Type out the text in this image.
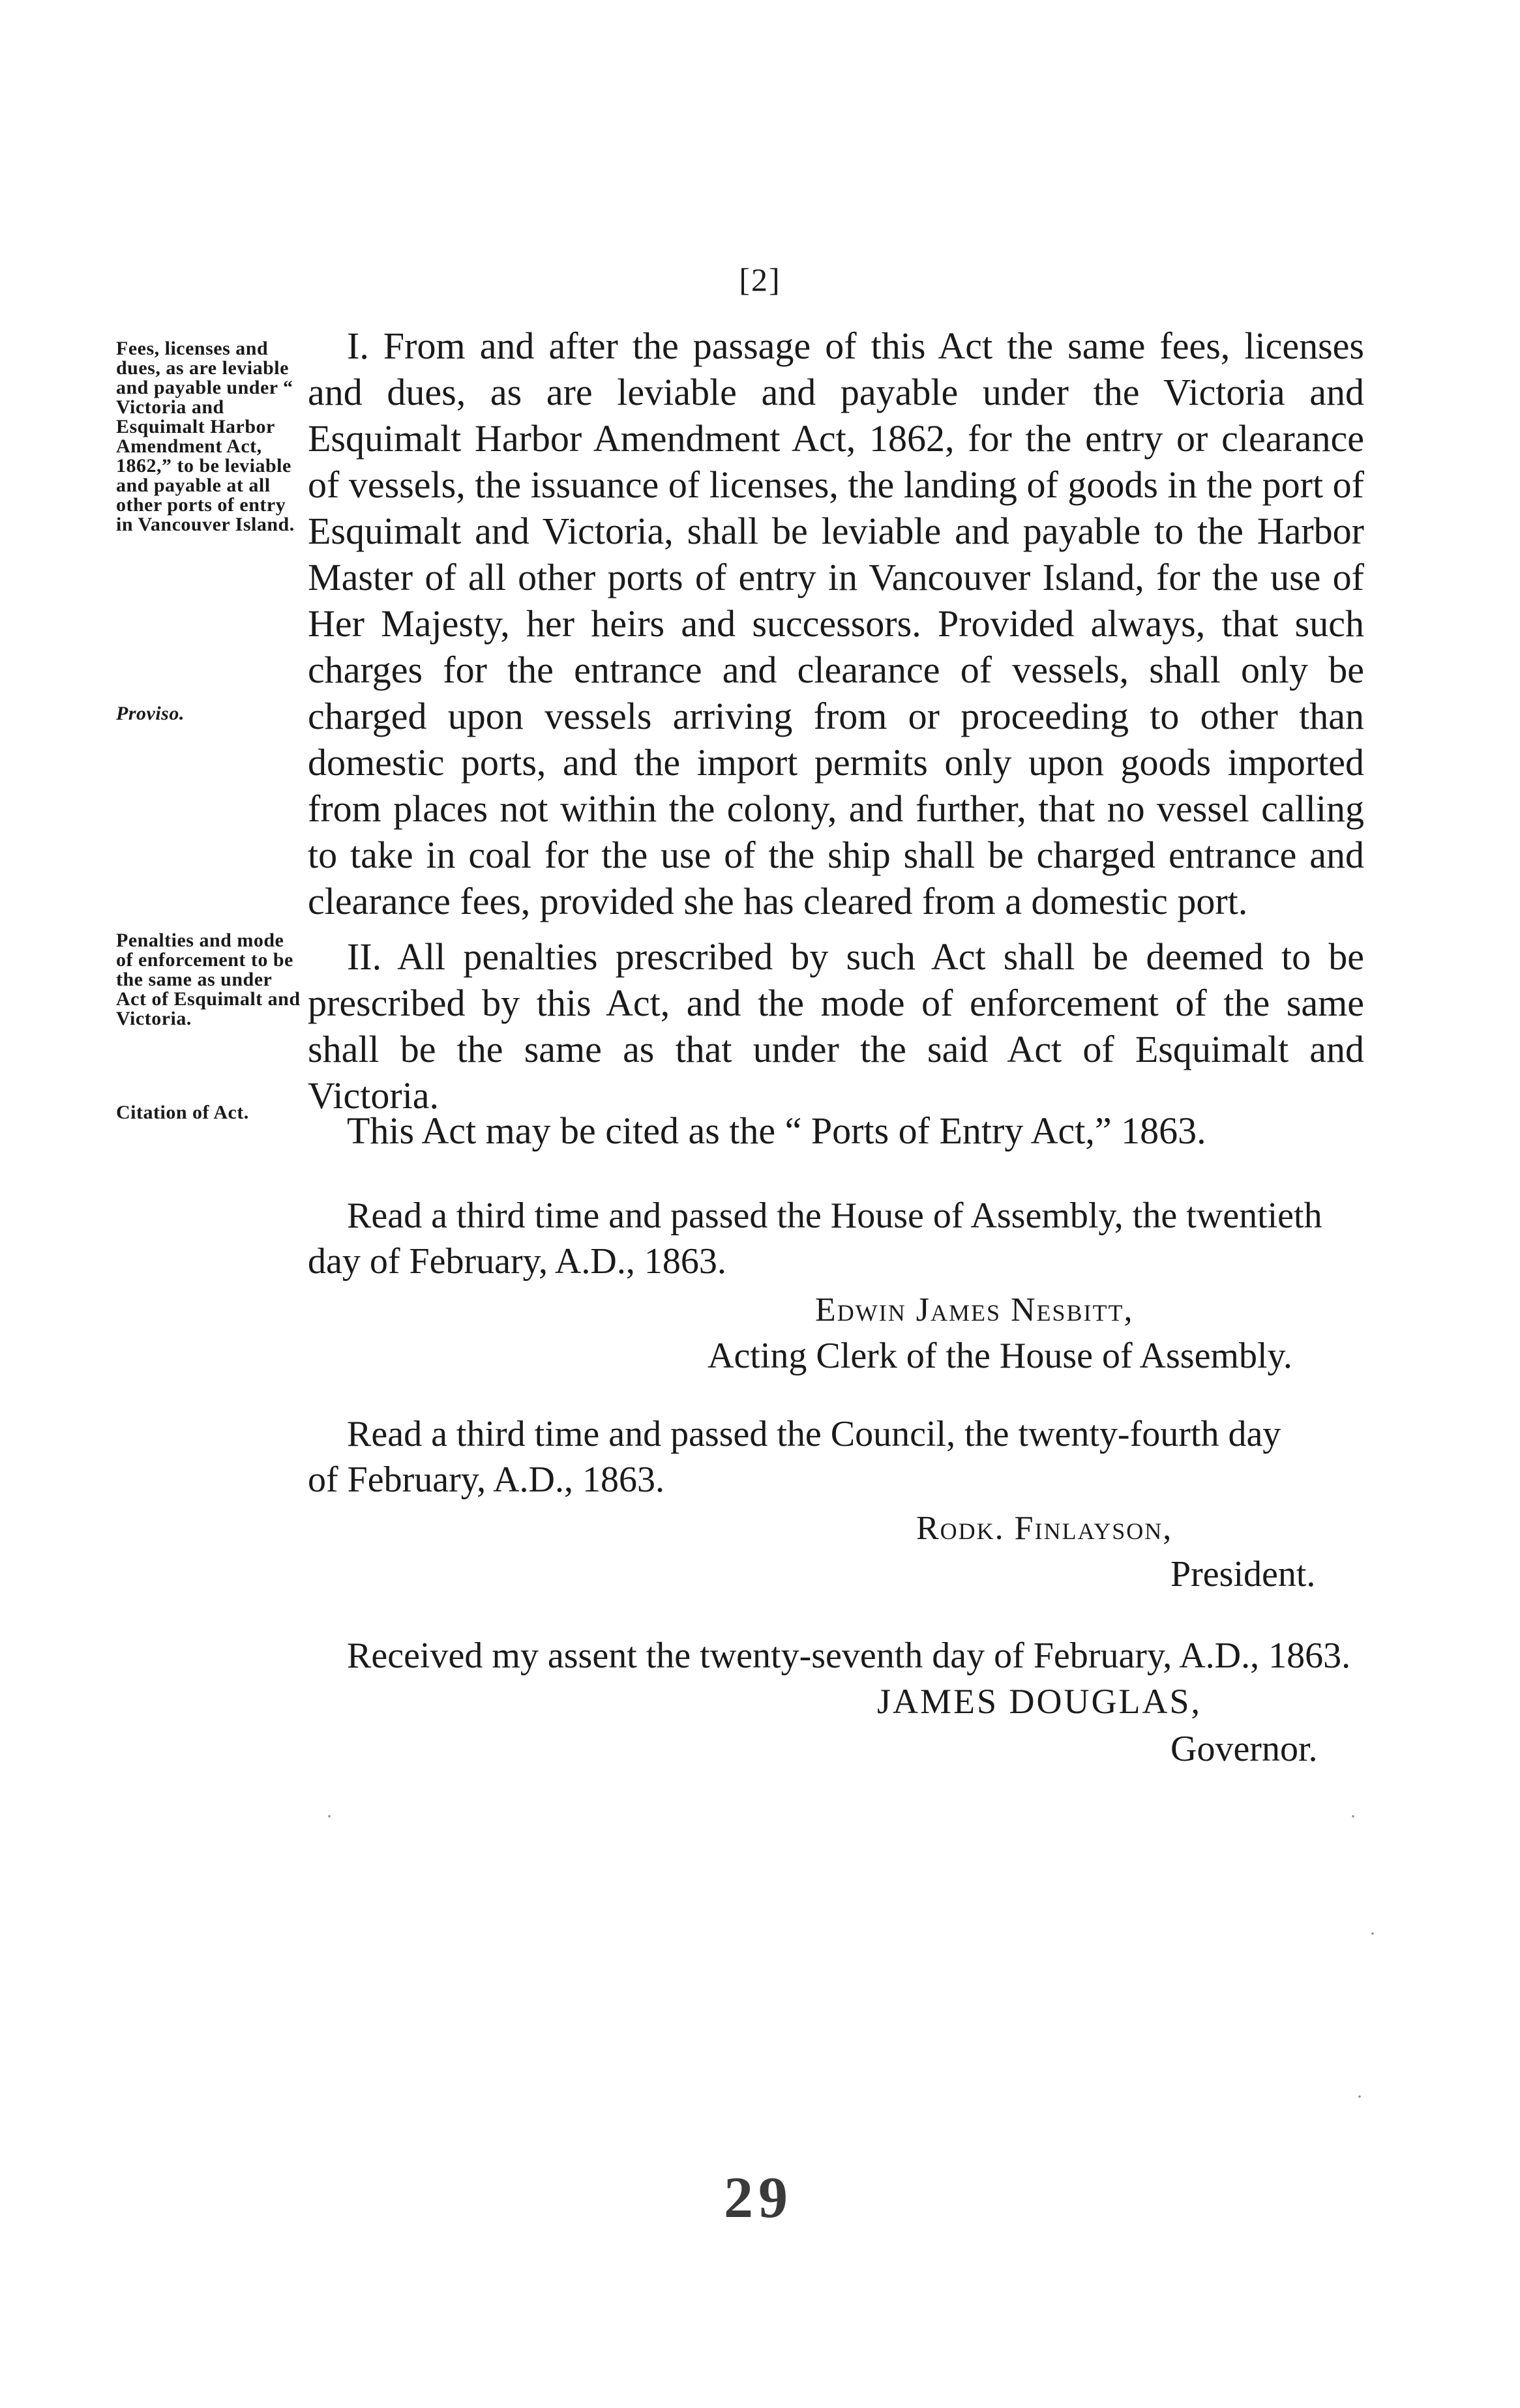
[2]
Fees, licenses and dues, as are leviable and payable under “ Victoria and Esquimalt Harbor Amendment Act, 1862,” to be leviable and payable at all other ports of entry in Vancouver Island.
Proviso.
Penalties and mode of enforcement to be the same as under Act of Esquimalt and Victoria.
Citation of Act.
I. From and after the passage of this Act the same fees, licenses and dues, as are leviable and payable under the Victoria and Esquimalt Harbor Amendment Act, 1862, for the entry or clearance of vessels, the issuance of licenses, the landing of goods in the port of Esquimalt and Victoria, shall be leviable and payable to the Harbor Master of all other ports of entry in Vancouver Island, for the use of Her Majesty, her heirs and successors. Provided always, that such charges for the entrance and clearance of vessels, shall only be charged upon vessels arriving from or proceeding to other than domestic ports, and the import permits only upon goods imported from places not within the colony, and further, that no vessel calling to take in coal for the use of the ship shall be charged entrance and clearance fees, provided she has cleared from a domestic port.
II. All penalties prescribed by such Act shall be deemed to be prescribed by this Act, and the mode of enforcement of the same shall be the same as that under the said Act of Esquimalt and Victoria.
This Act may be cited as the “ Ports of Entry Act,” 1863.
Read a third time and passed the House of Assembly, the twentieth
day of February, A.D., 1863.
Edwin James Nesbitt,
Acting Clerk of the House of Assembly.
Read a third time and passed the Council, the twenty-fourth day
of February, A.D., 1863.
Rodk. Finlayson,
President.
Received my assent the twenty-seventh day of February, A.D., 1863.
JAMES DOUGLAS,
Governor.
·	·
·
·
29
